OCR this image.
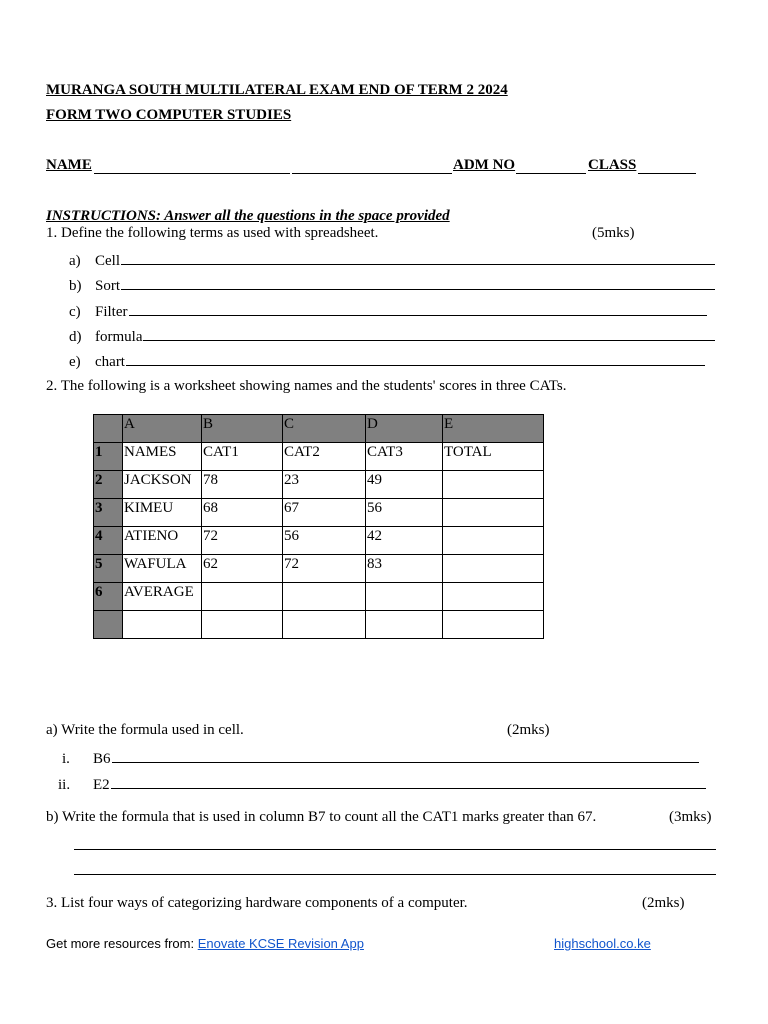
MURANGA SOUTH MULTILATERAL EXAM END OF TERM 2 2024
FORM TWO COMPUTER STUDIES
NAME	ADM NO	CLASS
INSTRUCTIONS: Answer all the questions in the space provided
1. Define the following terms as used with spreadsheet.	(5mks)
a) Cell
b) Sort
c) Filter
d) formula
e) chart
2. The following is a worksheet showing names and the students' scores in three CATs.
	A	B	C	D	E
1	NAMES	CAT1	CAT2	CAT3	TOTAL
2	JACKSON	78	23	49	
3	KIMEU	68	67	56	
4	ATIENO	72	56	42	
5	WAFULA	62	72	83	
6	AVERAGE				

a) Write the formula used in cell.	(2mks)
i.	B6
ii.	E2
b) Write the formula that is used in column B7 to count all the CAT1 marks greater than 67.	(3mks)
3. List four ways of categorizing hardware components of a computer.	(2mks)
Get more resources from: Enovate KCSE Revision App	highschool.co.ke
